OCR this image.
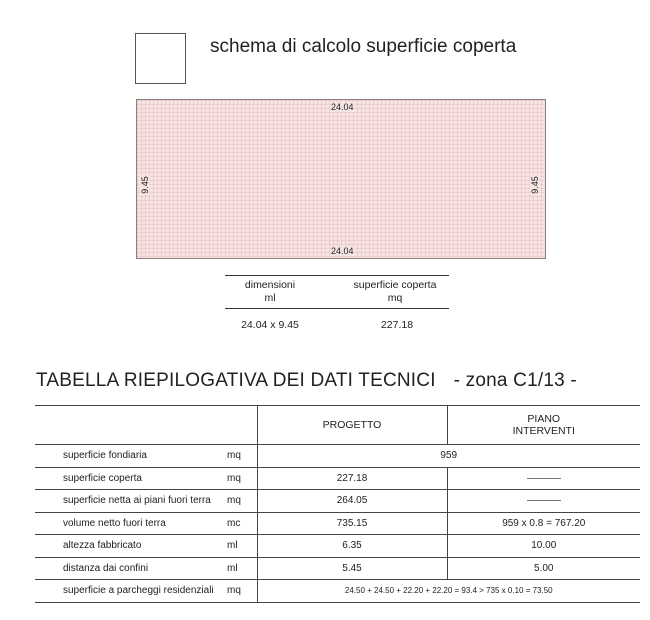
schema di calcolo superficie coperta
24.04
24.04
9.45	9.45
dimensioni
ml
superficie coperta
mq
24.04 x 9.45	227.18
TABELLA RIEPILOGATIVA DEI DATI TECNICI - zona C1/13 -
		PROGETTO	PIANO
INTERVENTI

superficie fondiaria	mq	959	
superficie coperta	mq	227.18	
superficie netta ai piani fuori terra	mq	264.05	
volume netto fuori terra	mc	735.15	959 x 0.8 = 767.20
altezza fabbricato	ml	6.35	10.00
distanza dai confini	ml	5.45	5.00
superficie a parcheggi residenziali	mq	24.50 + 24.50 + 22.20 + 22.20 = 93.4 > 735 x 0.10 = 73.50	
